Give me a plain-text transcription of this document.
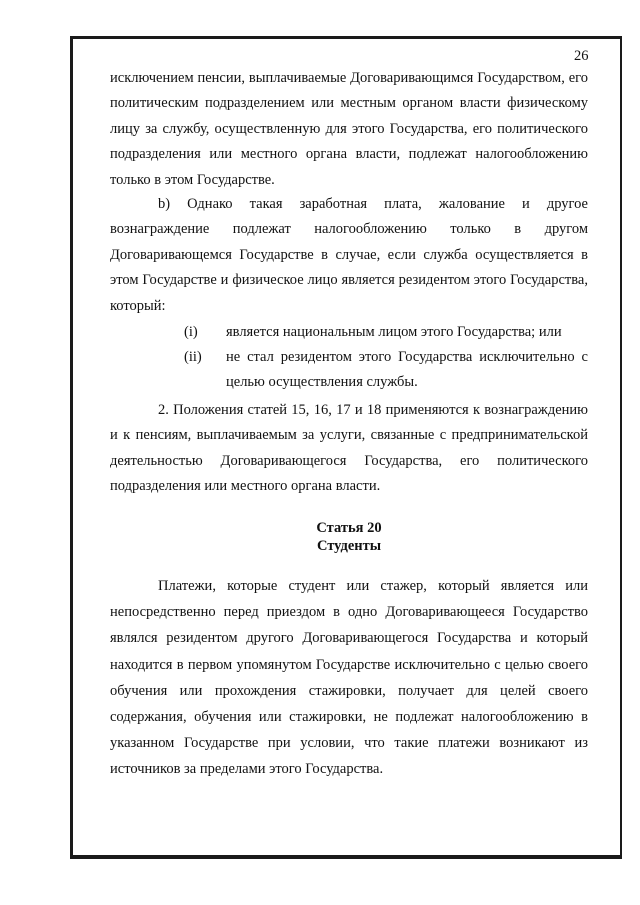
26

исключением пенсии, выплачиваемые Договаривающимся Государством, его политическим подразделением или местным органом власти физическому лицу за службу, осуществленную для этого Государства, его политического подразделения или местного органа власти, подлежат налогообложению только в этом Государстве.

b) Однако такая заработная плата, жалование и другое вознаграждение подлежат налогообложению только в другом Договаривающемся Государстве в случае, если служба осуществляется в этом Государстве и физическое лицо является резидентом этого Государства, который:

(i)	является национальным лицом этого Государства; или
(ii)	не стал резидентом этого Государства исключительно с целью осуществления службы.

2. Положения статей 15, 16, 17 и 18 применяются к вознаграждению и к пенсиям, выплачиваемым за услуги, связанные с предпринимательской деятельностью Договаривающегося Государства, его политического подразделения или местного органа власти.

Статья 20
Студенты

Платежи, которые студент или стажер, который является или непосредственно перед приездом в одно Договаривающееся Государство являлся резидентом другого Договаривающегося Государства и который находится в первом упомянутом Государстве исключительно с целью своего обучения или прохождения стажировки, получает для целей своего содержания, обучения или стажировки, не подлежат налогообложению в указанном Государстве при условии, что такие платежи возникают из источников за пределами этого Государства.
